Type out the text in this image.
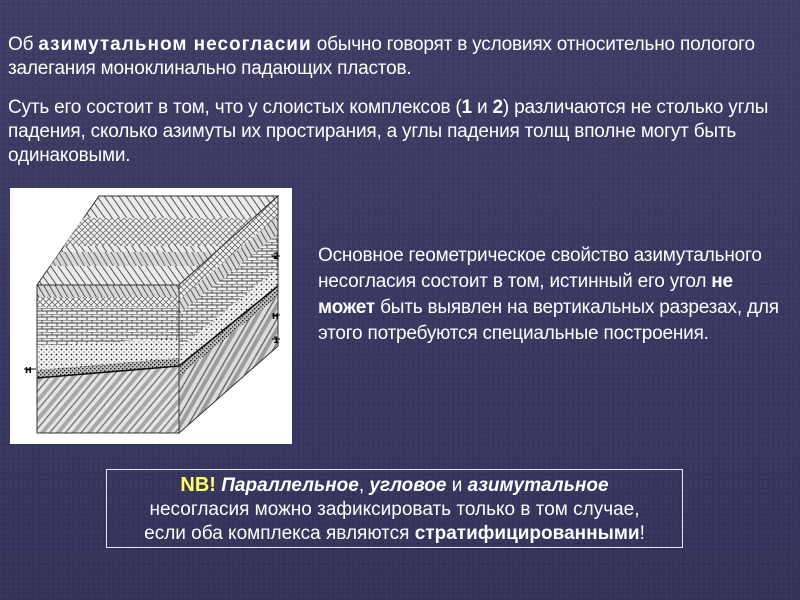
Об азимутальном несогласии обычно говорят в условиях относительно пологого залегания моноклинально падающих пластов.

Суть его состоит в том, что у слоистых комплексов (1 и 2) различаются не столько углы падения, сколько азимуты их простирания, а углы падения толщ вполне могут быть одинаковыми.

2
H
1
H

Основное геометрическое свойство азимутального несогласия состоит в том, истинный его угол не может быть выявлен на вертикальных разрезах, для этого потребуются специальные построения.

NB! Параллельное, угловое и азимутальное
несогласия можно зафиксировать только в том случае,
если оба комплекса являются стратифицированными!
